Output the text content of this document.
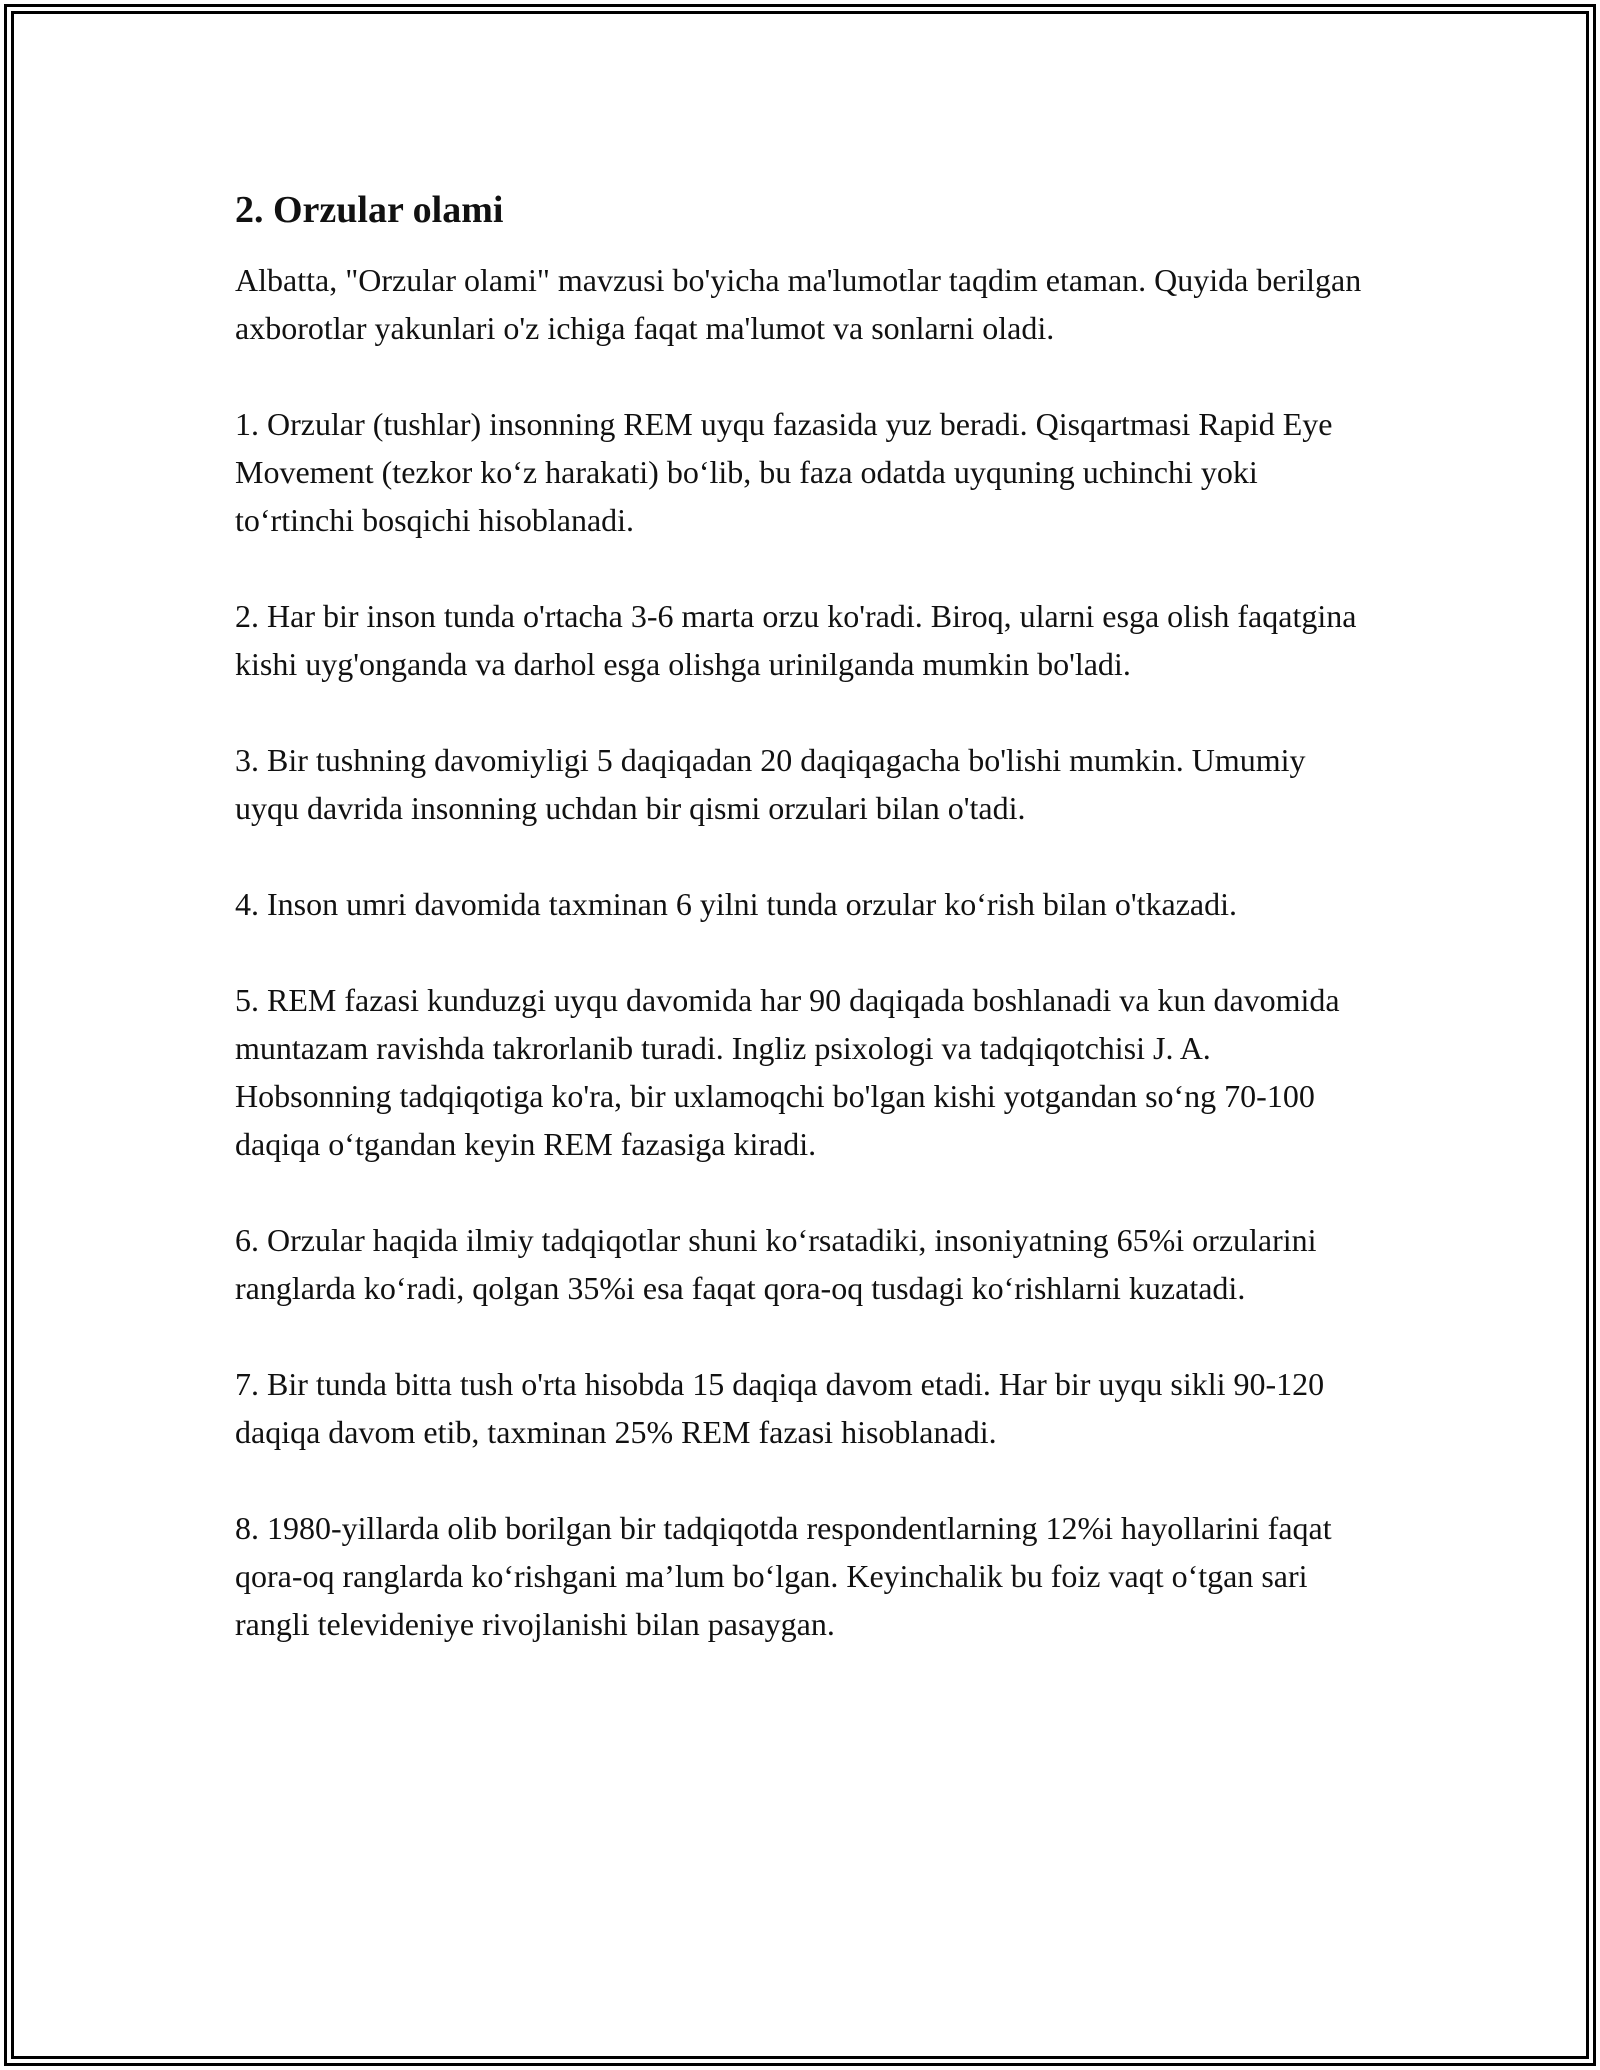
2. Orzular olami

Albatta, "Orzular olami" mavzusi bo'yicha ma'lumotlar taqdim etaman. Quyida berilgan axborotlar yakunlari o'z ichiga faqat ma'lumot va sonlarni oladi.

1. Orzular (tushlar) insonning REM uyqu fazasida yuz beradi. Qisqartmasi Rapid Eye Movement (tezkor ko‘z harakati) bo‘lib, bu faza odatda uyquning uchinchi yoki to‘rtinchi bosqichi hisoblanadi.

2. Har bir inson tunda o'rtacha 3-6 marta orzu ko'radi. Biroq, ularni esga olish faqatgina kishi uyg'onganda va darhol esga olishga urinilganda mumkin bo'ladi.

3. Bir tushning davomiyligi 5 daqiqadan 20 daqiqagacha bo'lishi mumkin. Umumiy uyqu davrida insonning uchdan bir qismi orzulari bilan o'tadi.

4. Inson umri davomida taxminan 6 yilni tunda orzular ko‘rish bilan o'tkazadi.

5. REM fazasi kunduzgi uyqu davomida har 90 daqiqada boshlanadi va kun davomida muntazam ravishda takrorlanib turadi. Ingliz psixologi va tadqiqotchisi J. A. Hobsonning tadqiqotiga ko'ra, bir uxlamoqchi bo'lgan kishi yotgandan so‘ng 70-100 daqiqa o‘tgandan keyin REM fazasiga kiradi.

6. Orzular haqida ilmiy tadqiqotlar shuni ko‘rsatadiki, insoniyatning 65%i orzularini ranglarda ko‘radi, qolgan 35%i esa faqat qora-oq tusdagi ko‘rishlarni kuzatadi.

7. Bir tunda bitta tush o'rta hisobda 15 daqiqa davom etadi. Har bir uyqu sikli 90-120 daqiqa davom etib, taxminan 25% REM fazasi hisoblanadi.

8. 1980-yillarda olib borilgan bir tadqiqotda respondentlarning 12%i hayollarini faqat qora-oq ranglarda ko‘rishgani ma’lum bo‘lgan. Keyinchalik bu foiz vaqt o‘tgan sari rangli televideniye rivojlanishi bilan pasaygan.
